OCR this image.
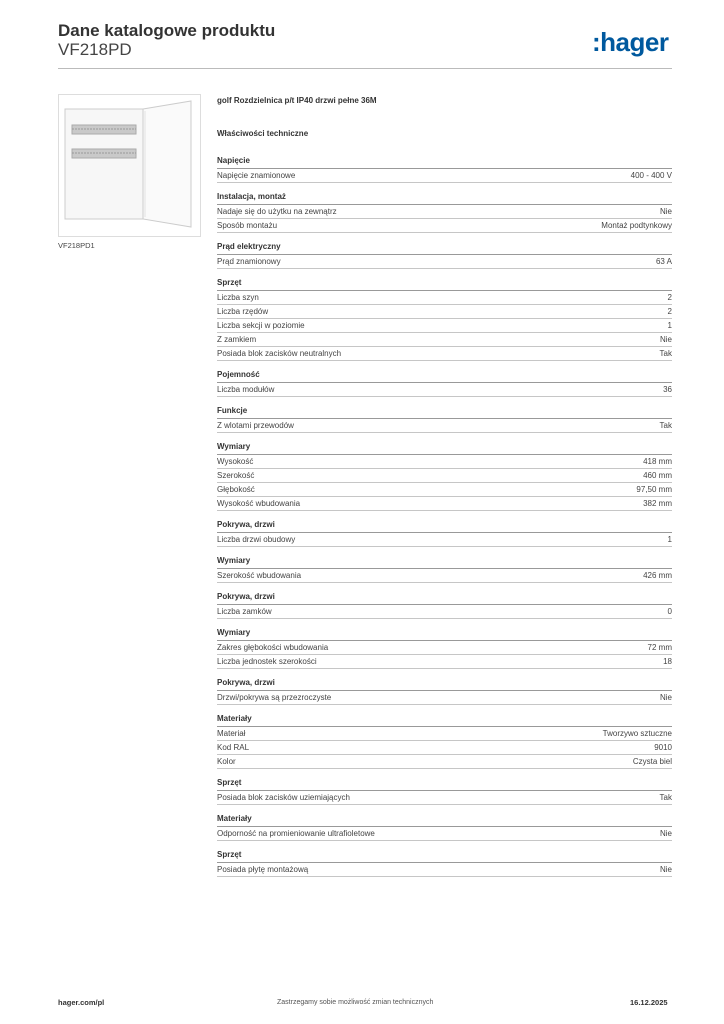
Dane katalogowe produktu
VF218PD	:hager
VF218PD1
golf Rozdzielnica p/t IP40 drzwi pełne 36M
Właściwości techniczne
Napięcie
Napięcie znamionowe	400 - 400 V
Instalacja, montaż
Nadaje się do użytku na zewnątrz	Nie
Sposób montażu	Montaż podtynkowy
Prąd elektryczny
Prąd znamionowy	63 A
Sprzęt
Liczba szyn	2
Liczba rzędów	2
Liczba sekcji w poziomie	1
Z zamkiem	Nie
Posiada blok zacisków neutralnych	Tak
Pojemność
Liczba modułów	36
Funkcje
Z wlotami przewodów	Tak
Wymiary
Wysokość	418 mm
Szerokość	460 mm
Głębokość	97,50 mm
Wysokość wbudowania	382 mm
Pokrywa, drzwi
Liczba drzwi obudowy	1
Wymiary
Szerokość wbudowania	426 mm
Pokrywa, drzwi
Liczba zamków	0
Wymiary
Zakres głębokości wbudowania	72 mm
Liczba jednostek szerokości	18
Pokrywa, drzwi
Drzwi/pokrywa są przezroczyste	Nie
Materiały
Materiał	Tworzywo sztuczne
Kod RAL	9010
Kolor	Czysta biel
Sprzęt
Posiada blok zacisków uziemiających	Tak
Materiały
Odporność na promieniowanie ultrafioletowe	Nie
Sprzęt
Posiada płytę montażową	Nie
hager.com/pl	Zastrzegamy sobie możliwość zmian technicznych	16.12.2025
